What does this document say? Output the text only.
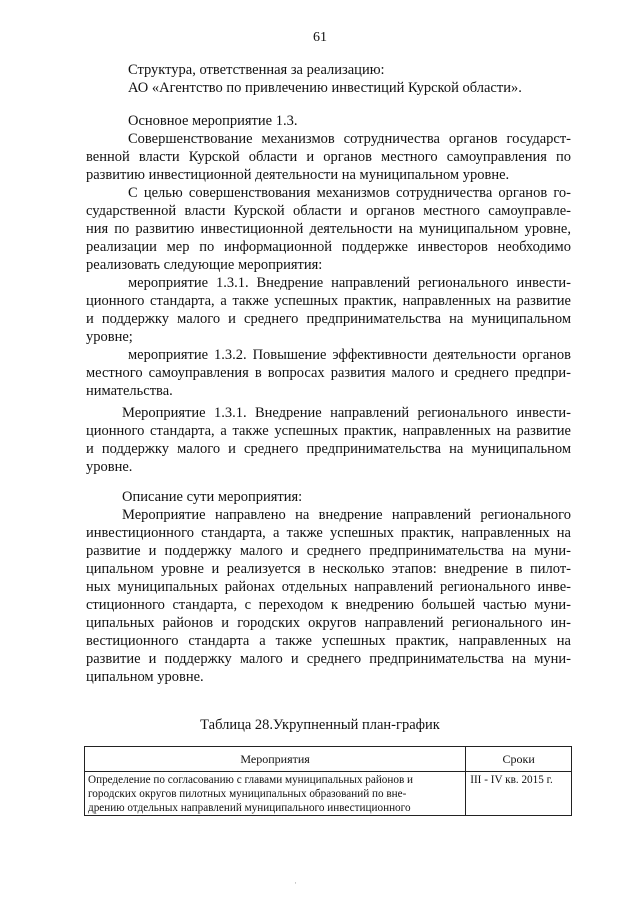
61
Структура, ответственная за реализацию:
АО «Агентство по привлечению инвестиций Курской области».
Основное мероприятие 1.3.
Совершенствование механизмов сотрудничества органов государст-
венной власти Курской области и органов местного самоуправления по
развитию инвестиционной деятельности на муниципальном уровне.
С целью совершенствования механизмов сотрудничества органов го-
сударственной власти Курской области и органов местного самоуправле-
ния по развитию инвестиционной деятельности на муниципальном уровне,
реализации мер по информационной поддержке инвесторов необходимо
реализовать следующие мероприятия:
мероприятие 1.3.1. Внедрение направлений регионального инвести-
ционного стандарта, а также успешных практик, направленных на развитие
и поддержку малого и среднего предпринимательства на муниципальном
уровне;
мероприятие 1.3.2. Повышение эффективности деятельности органов
местного самоуправления в вопросах развития малого и среднего предпри-
нимательства.
Мероприятие 1.3.1. Внедрение направлений регионального инвести-
ционного стандарта, а также успешных практик, направленных на развитие
и поддержку малого и среднего предпринимательства на муниципальном
уровне.
Описание сути мероприятия:
Мероприятие направлено на внедрение направлений регионального
инвестиционного стандарта, а также успешных практик, направленных на
развитие и поддержку малого и среднего предпринимательства на муни-
ципальном уровне и реализуется в несколько этапов: внедрение в пилот-
ных муниципальных районах отдельных направлений регионального инве-
стиционного стандарта, с переходом к внедрению большей частью муни-
ципальных районов и городских округов направлений регионального ин-
вестиционного стандарта а также успешных практик, направленных на
развитие и поддержку малого и среднего предпринимательства на муни-
ципальном уровне.
Таблица 28.Укрупненный план-график
Мероприятия	Сроки

Определение по согласованию с главами муниципальных районов и
городских округов пилотных муниципальных образований по вне-
дрению отдельных направлений муниципального инвестиционного	III - IV кв. 2015 г.
·
